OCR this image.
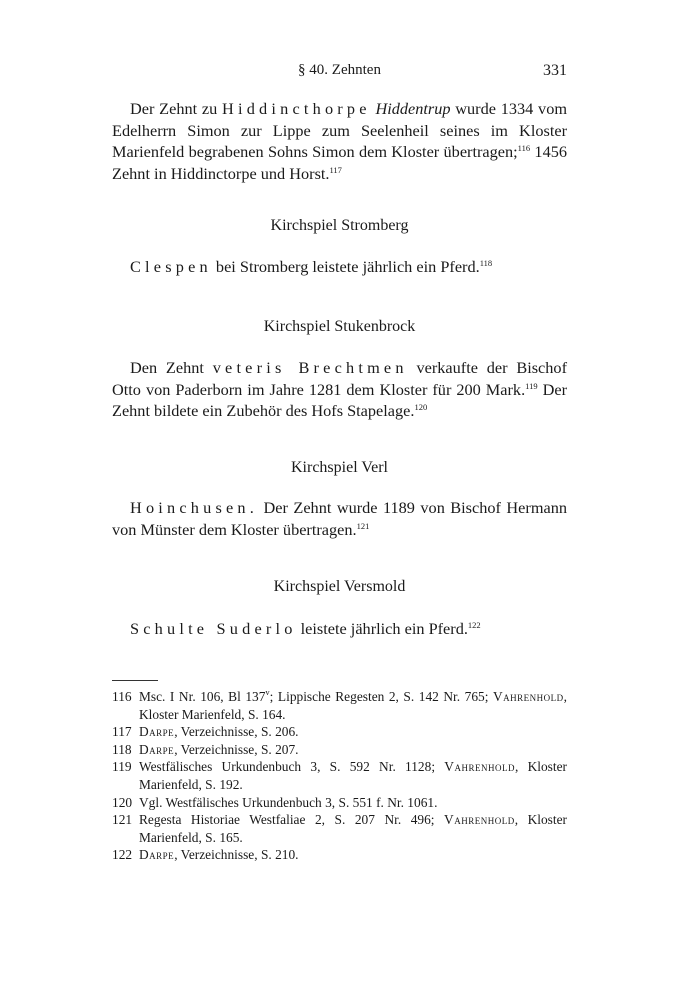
§ 40. Zehnten	331

Der Zehnt zu Hiddincthorpe Hiddentrup wurde 1334 vom Edelherrn Simon zur Lippe zum Seelenheil seines im Kloster Marienfeld begrabenen Sohns Simon dem Kloster übertragen;$^{116}$ 1456 Zehnt in Hiddinctorpe und Horst.$^{117}$

Kirchspiel Stromberg

Clespen bei Stromberg leistete jährlich ein Pferd.$^{118}$

Kirchspiel Stukenbrock

Den Zehnt veteris Brechtmen verkaufte der Bischof Otto von Paderborn im Jahre 1281 dem Kloster für 200 Mark.$^{119}$ Der Zehnt bildete ein Zubehör des Hofs Stapelage.$^{120}$

Kirchspiel Verl

Hoinchusen. Der Zehnt wurde 1189 von Bischof Hermann von Münster dem Kloster übertragen.$^{121}$

Kirchspiel Versmold

Schulte Suderlo leistete jährlich ein Pferd.$^{122}$

116 Msc. I Nr. 106, Bl 137$^v$; Lippische Regesten 2, S. 142 Nr. 765; Vahrenhold, Kloster Marienfeld, S. 164.
117 Darpe, Verzeichnisse, S. 206.
118 Darpe, Verzeichnisse, S. 207.
119 Westfälisches Urkundenbuch 3, S. 592 Nr. 1128; Vahrenhold, Kloster Marienfeld, S. 192.
120 Vgl. Westfälisches Urkundenbuch 3, S. 551 f. Nr. 1061.
121 Regesta Historiae Westfaliae 2, S. 207 Nr. 496; Vahrenhold, Kloster Marienfeld, S. 165.
122 Darpe, Verzeichnisse, S. 210.
